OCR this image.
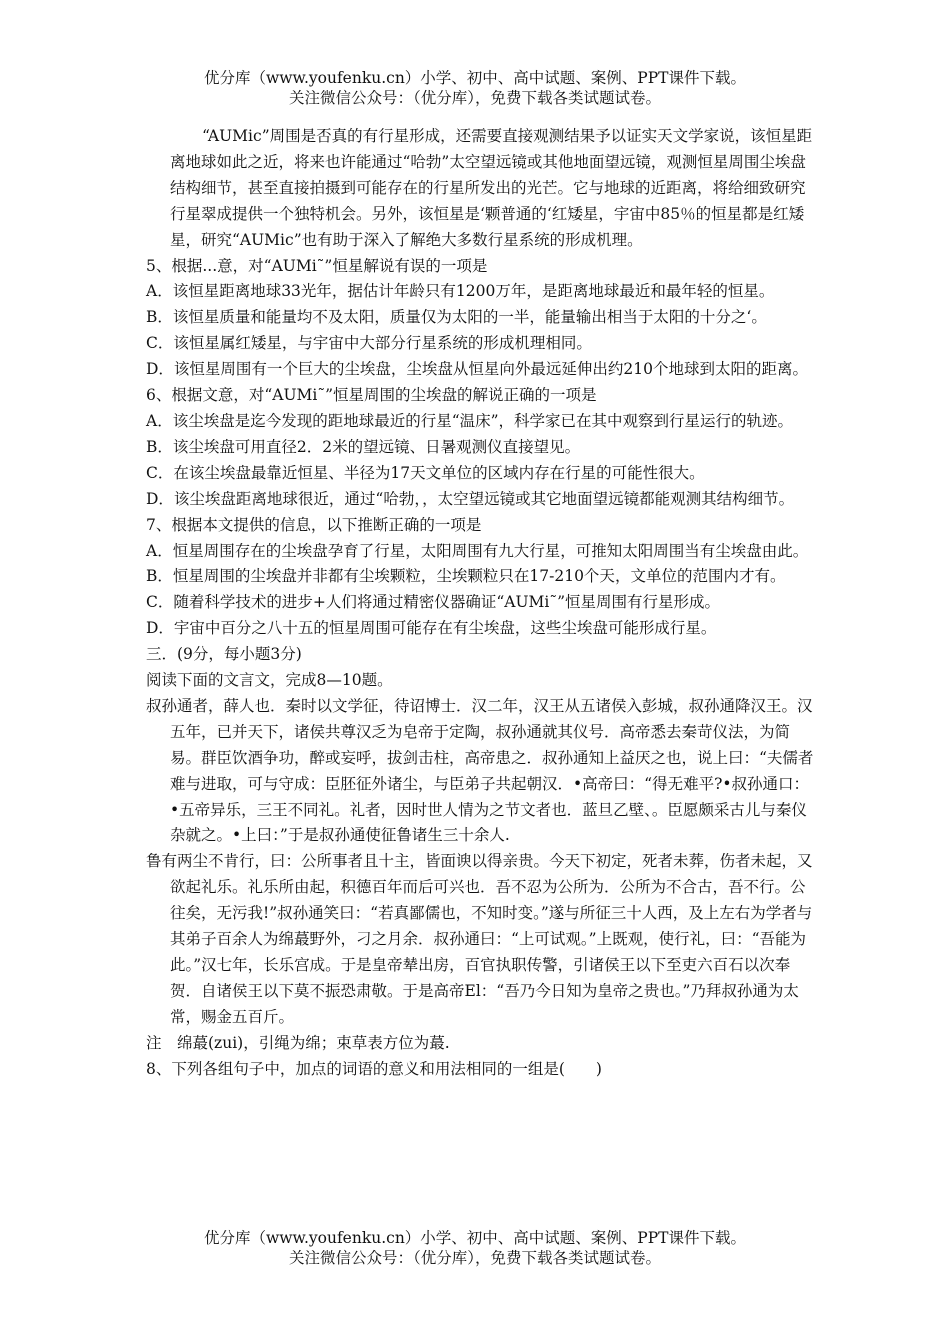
优分库（www.youfenku.cn）小学、初中、高中试题、案例、PPT课件下载。
关注微信公众号：（优分库），免费下载各类试题试卷。

“AUMic”周围是否真的有行星形成，还需要直接观测结果予以证实天文学家说，该恒星距离地球如此之近，将来也许能通过“哈勃”太空望远镜或其他地面望远镜，观测恒星周围尘埃盘结构细节，甚至直接拍摄到可能存在的行星所发出的光芒。它与地球的近距离，将给细致研究行星翠成提供一个独特机会。另外，该恒星是‘颗普通的‘红矮星，宇宙中85％的恒星都是红矮星，研究“AUMic”也有助于深入了解绝大多数行星系统的形成机理。

5、根据...意，对“AUMi˜”恒星解说有误的一项是

A．该恒星距离地球33光年，据估计年龄只有1200万年，是距离地球最近和最年轻的恒星。

B．该恒星质量和能量均不及太阳，质量仅为太阳的一半，能量输出相当于太阳的十分之‘。

C．该恒星属红矮星，与宇宙中大部分行星系统的形成机理相同。

D．该恒星周围有一个巨大的尘埃盘，尘埃盘从恒星向外最远延伸出约210个地球到太阳的距离。

6、根据文意，对“AUMi˜”恒星周围的尘埃盘的解说正确的一项是

A．该尘埃盘是迄今发现的距地球最近的行星“温床”，科学家已在其中观察到行星运行的轨迹。

B．该尘埃盘可用直径2．2米的望远镜、日暑观测仪直接望见。

C．在该尘埃盘最靠近恒星、半径为17天文单位的区域内存在行星的可能性很大。

D．该尘埃盘距离地球很近，通过“哈勃，，太空望远镜或其它地面望远镜都能观测其结构细节。

7、根据本文提供的信息，以下推断正确的一项是

A．恒星周围存在的尘埃盘孕育了行星，太阳周围有九大行星，可推知太阳周围当有尘埃盘由此。

B．恒星周围的尘埃盘并非都有尘埃颗粒，尘埃颗粒只在17-210个天，文单位的范围内才有。

C．随着科学技术的进步+人们将通过精密仪器确证“AUMi˜”恒星周围有行星形成。

D．宇宙中百分之八十五的恒星周围可能存在有尘埃盘，这些尘埃盘可能形成行星。

三．(9分，每小题3分)

阅读下面的文言文，完成8—10题。

叔孙通者，薛人也．秦时以文学征，待诏博士．汉二年，汉王从五诸侯入彭城，叔孙通降汉王。汉五年，已并天下，诸侯共尊汉乏为皂帝于定陶，叔孙通就其仪号．高帝悉去秦苛仪法，为简易。群臣饮酒争功，醉或妄呼，拔剑击柱，高帝患之．叔孙通知上益厌之也，说上曰：“夫儒者难与进取，可与守成：臣胚征外诸尘，与臣弟子共起朝汉．•高帝曰：“得无难平?•叔孙通口：•五帝异乐，三王不同礼。礼者，因时世人情为之节文者也．蓝旦乙壁、。臣愿颇采古儿与秦仪杂就之。•上曰：”于是叔孙通使征鲁诸生三十余人.

鲁有两尘不肯行，曰：公所事者且十主，皆面谀以得亲贵。今天下初定，死者未葬，伤者未起，又欲起礼乐。礼乐所由起，积德百年而后可兴也．吾不忍为公所为．公所为不合古，吾不行。公往矣，无污我!”叔孙通笑曰：“若真鄙儒也，不知时变。”遂与所征三十人西，及上左右为学者与其弟子百余人为绵蕞野外，刁之月余．叔孙通曰：“上可试观。”上既观，使行礼，曰：“吾能为此。”汉七年，长乐宫成。于是皇帝辇出房，百官执职传警，引诸侯王以下至吏六百石以次奉贺．自诸侯王以下莫不振恐肃敬。于是高帝El：“吾乃今日知为皇帝之贵也。”乃拜叔孙通为太常，赐金五百斤。

注　绵蕞(zui)，引绳为绵；束草表方位为蕞.

8、下列各组句子中，加点的词语的意义和用法相同的一组是(　　)

优分库（www.youfenku.cn）小学、初中、高中试题、案例、PPT课件下载。
关注微信公众号：（优分库），免费下载各类试题试卷。
